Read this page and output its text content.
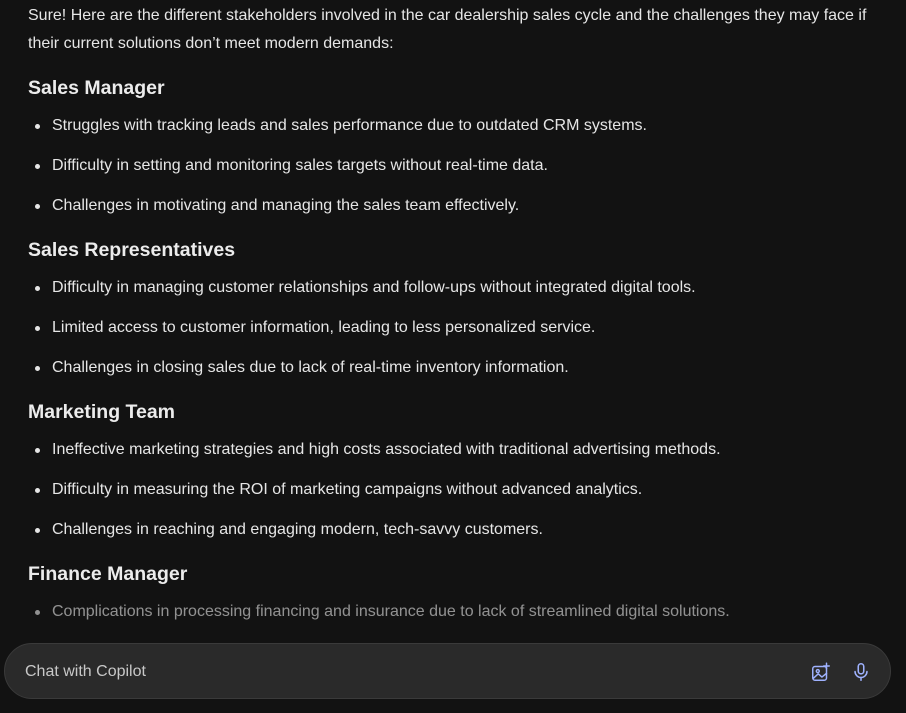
Sure! Here are the different stakeholders involved in the car dealership sales cycle and the challenges they may face if their current solutions don’t meet modern demands:

Sales Manager
Struggles with tracking leads and sales performance due to outdated CRM systems.
Difficulty in setting and monitoring sales targets without real-time data.
Challenges in motivating and managing the sales team effectively.
Sales Representatives
Difficulty in managing customer relationships and follow-ups without integrated digital tools.
Limited access to customer information, leading to less personalized service.
Challenges in closing sales due to lack of real-time inventory information.
Marketing Team
Ineffective marketing strategies and high costs associated with traditional advertising methods.
Difficulty in measuring the ROI of marketing campaigns without advanced analytics.
Challenges in reaching and engaging modern, tech-savvy customers.
Finance Manager
Complications in processing financing and insurance due to lack of streamlined digital solutions.
Chat with Copilot
